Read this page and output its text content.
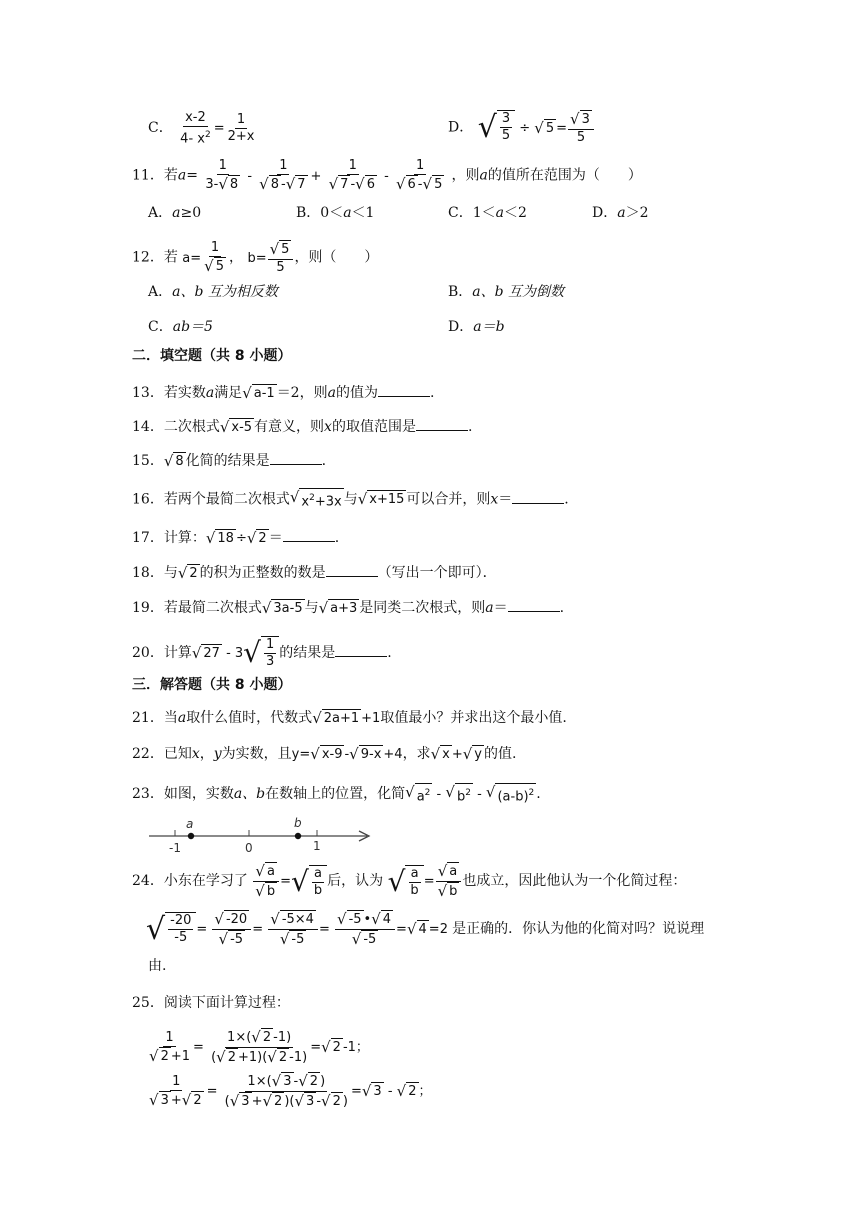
C． $\frac{x-2}{4- x^2} = \frac{1}{2+x}$	D． √ $\frac{3}{5}$ ÷ √ $5 = \frac{√ 3}{5}$
11．若$a= \frac{1}{3- √ 8} - \frac{1}{√ 8 - √ 7} + \frac{1}{√ 7 - √ 6} - \frac{1}{√ 6 - √ 5}$ ，则a的值所在范围为（　　）
A．a≥0	B．0＜a＜1	C．1＜a＜2	D．a＞2
12．若 $a= \frac{1}{√ 5}$ ， $b= \frac{√ 5}{5}$ ，则（　　）
A．a、b 互为相反数	B．a、b 互为倒数
C．ab＝5	D．a＝b
二．填空题（共 8 小题）
13．若实数a满足 √ a-1 ＝2，则a的值为	.
14．二次根式 √ x-5 有意义，则x的取值范围是	.
15． √ 8 化简的结果是	.
16．若两个最简二次根式 √ $x^2+3x$ 与 √ x+15 可以合并，则x＝	.
17．计算： √ 18 ÷ √ 2 ＝	.
18．与 √ 2 的积为正整数的数是	（写出一个即可）．
19．若最简二次根式 √ 3a-5 与 √ a+3 是同类二次根式，则a＝	.
20．计算 √ 27 - 3 √ $\frac{1}{3}$ 的结果是	.
三．解答题（共 8 小题）
21．当a取什么值时，代数式 √ 2a+1 +1取值最小？并求出这个最小值.
22．已知x，y为实数，且y= √ x-9 - √ 9-x +4，求 √ x + √ y 的值.
23．如图，实数a、b在数轴上的位置，化简 √ $a^2$ - √ $b^2$ - √ $(a-b)^2$ .
a	b
-1	0	1
24．小东在学习了 $\frac{√ a}{√ b}$ = √ $\frac{a}{b}$ 后，认为 √ $\frac{a}{b} = \frac{√ a}{√ b}$ 也成立，因此他认为一个化简过程：
√ $\frac{-20}{-5} = \frac{√ -20}{√ -5} = \frac{√ -5\times 4}{√ -5} = \frac{√ -5 • √ 4}{√ -5}$ = √ 4 =2 是正确的．你认为他的化简对吗？说说理
由.
25．阅读下面计算过程：
$\frac{1}{√ 2 +1} = \frac{1\times( √ 2 -1)}{( √ 2 +1)( √ 2 -1)}$ = √ 2 -1；
$\frac{1}{√ 3 + √ 2} = \frac{1\times( √ 3 - √ 2 )}{( √ 3 + √ 2 )( √ 3 - √ 2 )}$ = √ 3 - √ 2 ；
